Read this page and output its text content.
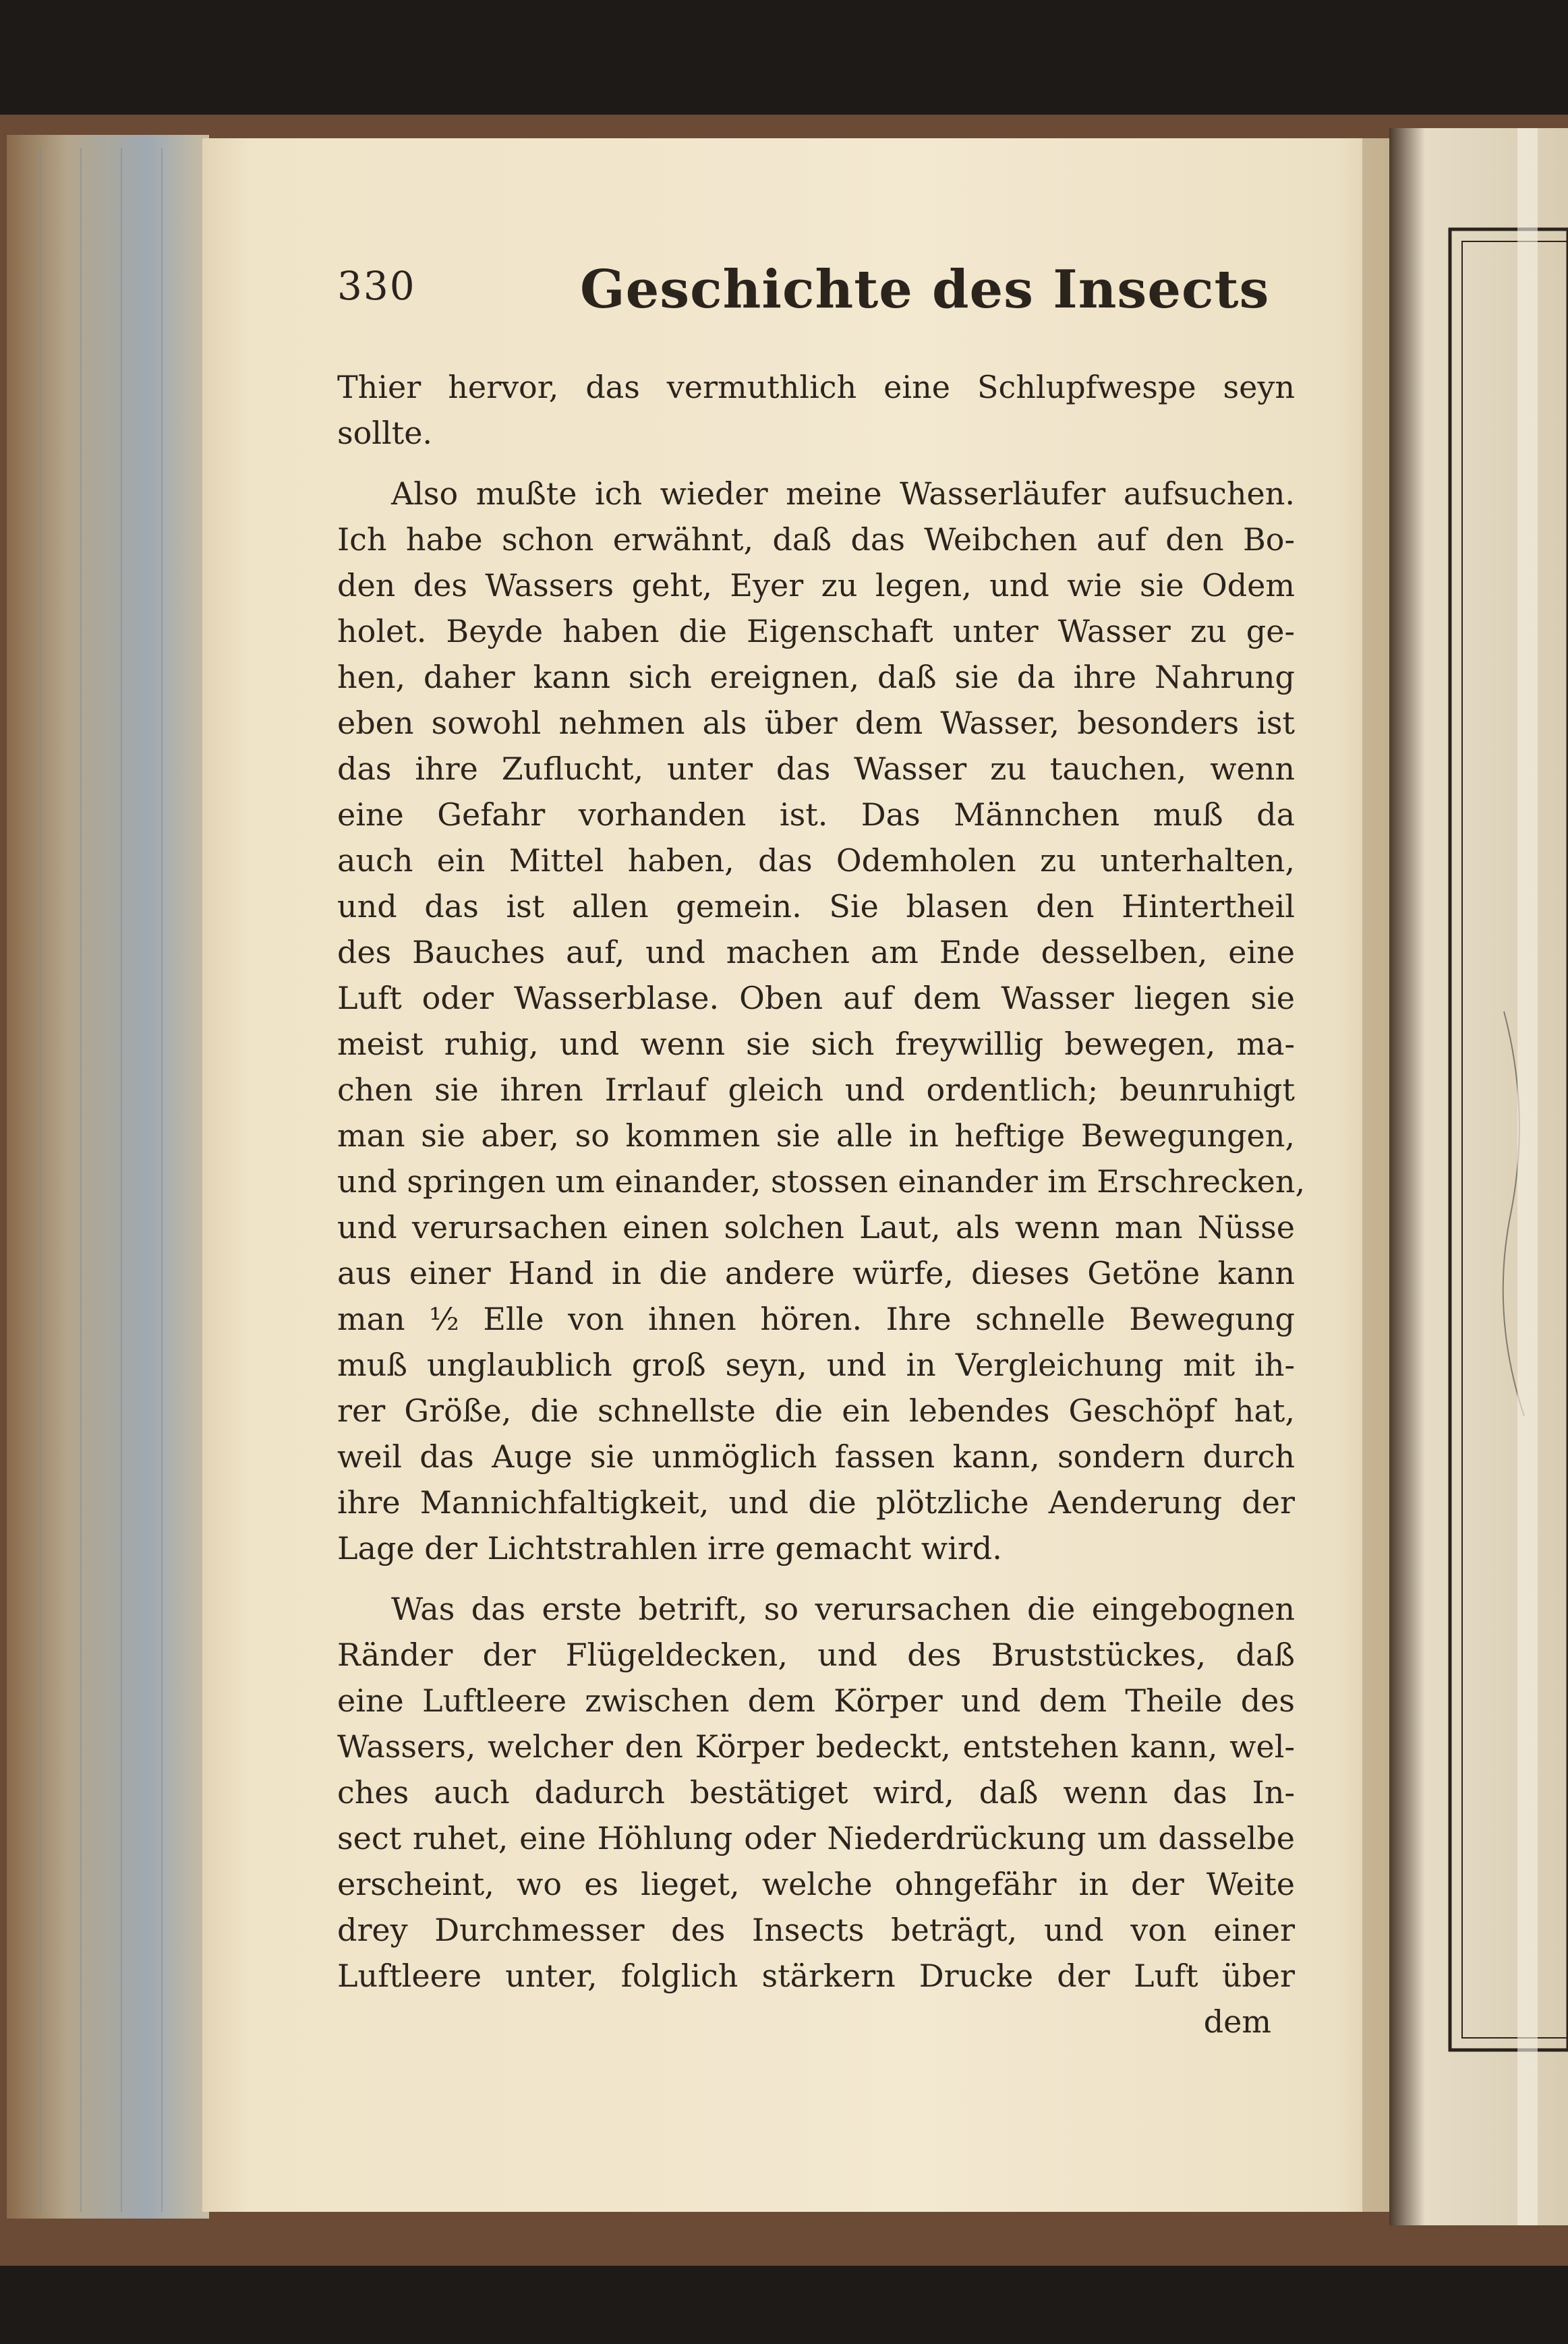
330	Geschichte des Insects
Thier hervor, das vermuthlich eine Schlupfwespe seyn
sollte.
Also mußte ich wieder meine Wasserläufer aufsuchen.
Ich habe schon erwähnt, daß das Weibchen auf den Bo-
den des Wassers geht, Eyer zu legen, und wie sie Odem
holet. Beyde haben die Eigenschaft unter Wasser zu ge-
hen, daher kann sich ereignen, daß sie da ihre Nahrung
eben sowohl nehmen als über dem Wasser, besonders ist
das ihre Zuflucht, unter das Wasser zu tauchen, wenn
eine Gefahr vorhanden ist. Das Männchen muß da
auch ein Mittel haben, das Odemholen zu unterhalten,
und das ist allen gemein. Sie blasen den Hintertheil
des Bauches auf, und machen am Ende desselben, eine
Luft oder Wasserblase. Oben auf dem Wasser liegen sie
meist ruhig, und wenn sie sich freywillig bewegen, ma-
chen sie ihren Irrlauf gleich und ordentlich; beunruhigt
man sie aber, so kommen sie alle in heftige Bewegungen,
und springen um einander, stossen einander im Erschrecken,
und verursachen einen solchen Laut, als wenn man Nüsse
aus einer Hand in die andere würfe, dieses Getöne kann
man ½ Elle von ihnen hören. Ihre schnelle Bewegung
muß unglaublich groß seyn, und in Vergleichung mit ih-
rer Größe, die schnellste die ein lebendes Geschöpf hat,
weil das Auge sie unmöglich fassen kann, sondern durch
ihre Mannichfaltigkeit, und die plötzliche Aenderung der
Lage der Lichtstrahlen irre gemacht wird.
Was das erste betrift, so verursachen die eingebognen
Ränder der Flügeldecken, und des Bruststückes, daß
eine Luftleere zwischen dem Körper und dem Theile des
Wassers, welcher den Körper bedeckt, entstehen kann, wel-
ches auch dadurch bestätiget wird, daß wenn das In-
sect ruhet, eine Höhlung oder Niederdrückung um dasselbe
erscheint, wo es lieget, welche ohngefähr in der Weite
drey Durchmesser des Insects beträgt, und von einer
Luftleere unter, folglich stärkern Drucke der Luft über
dem
